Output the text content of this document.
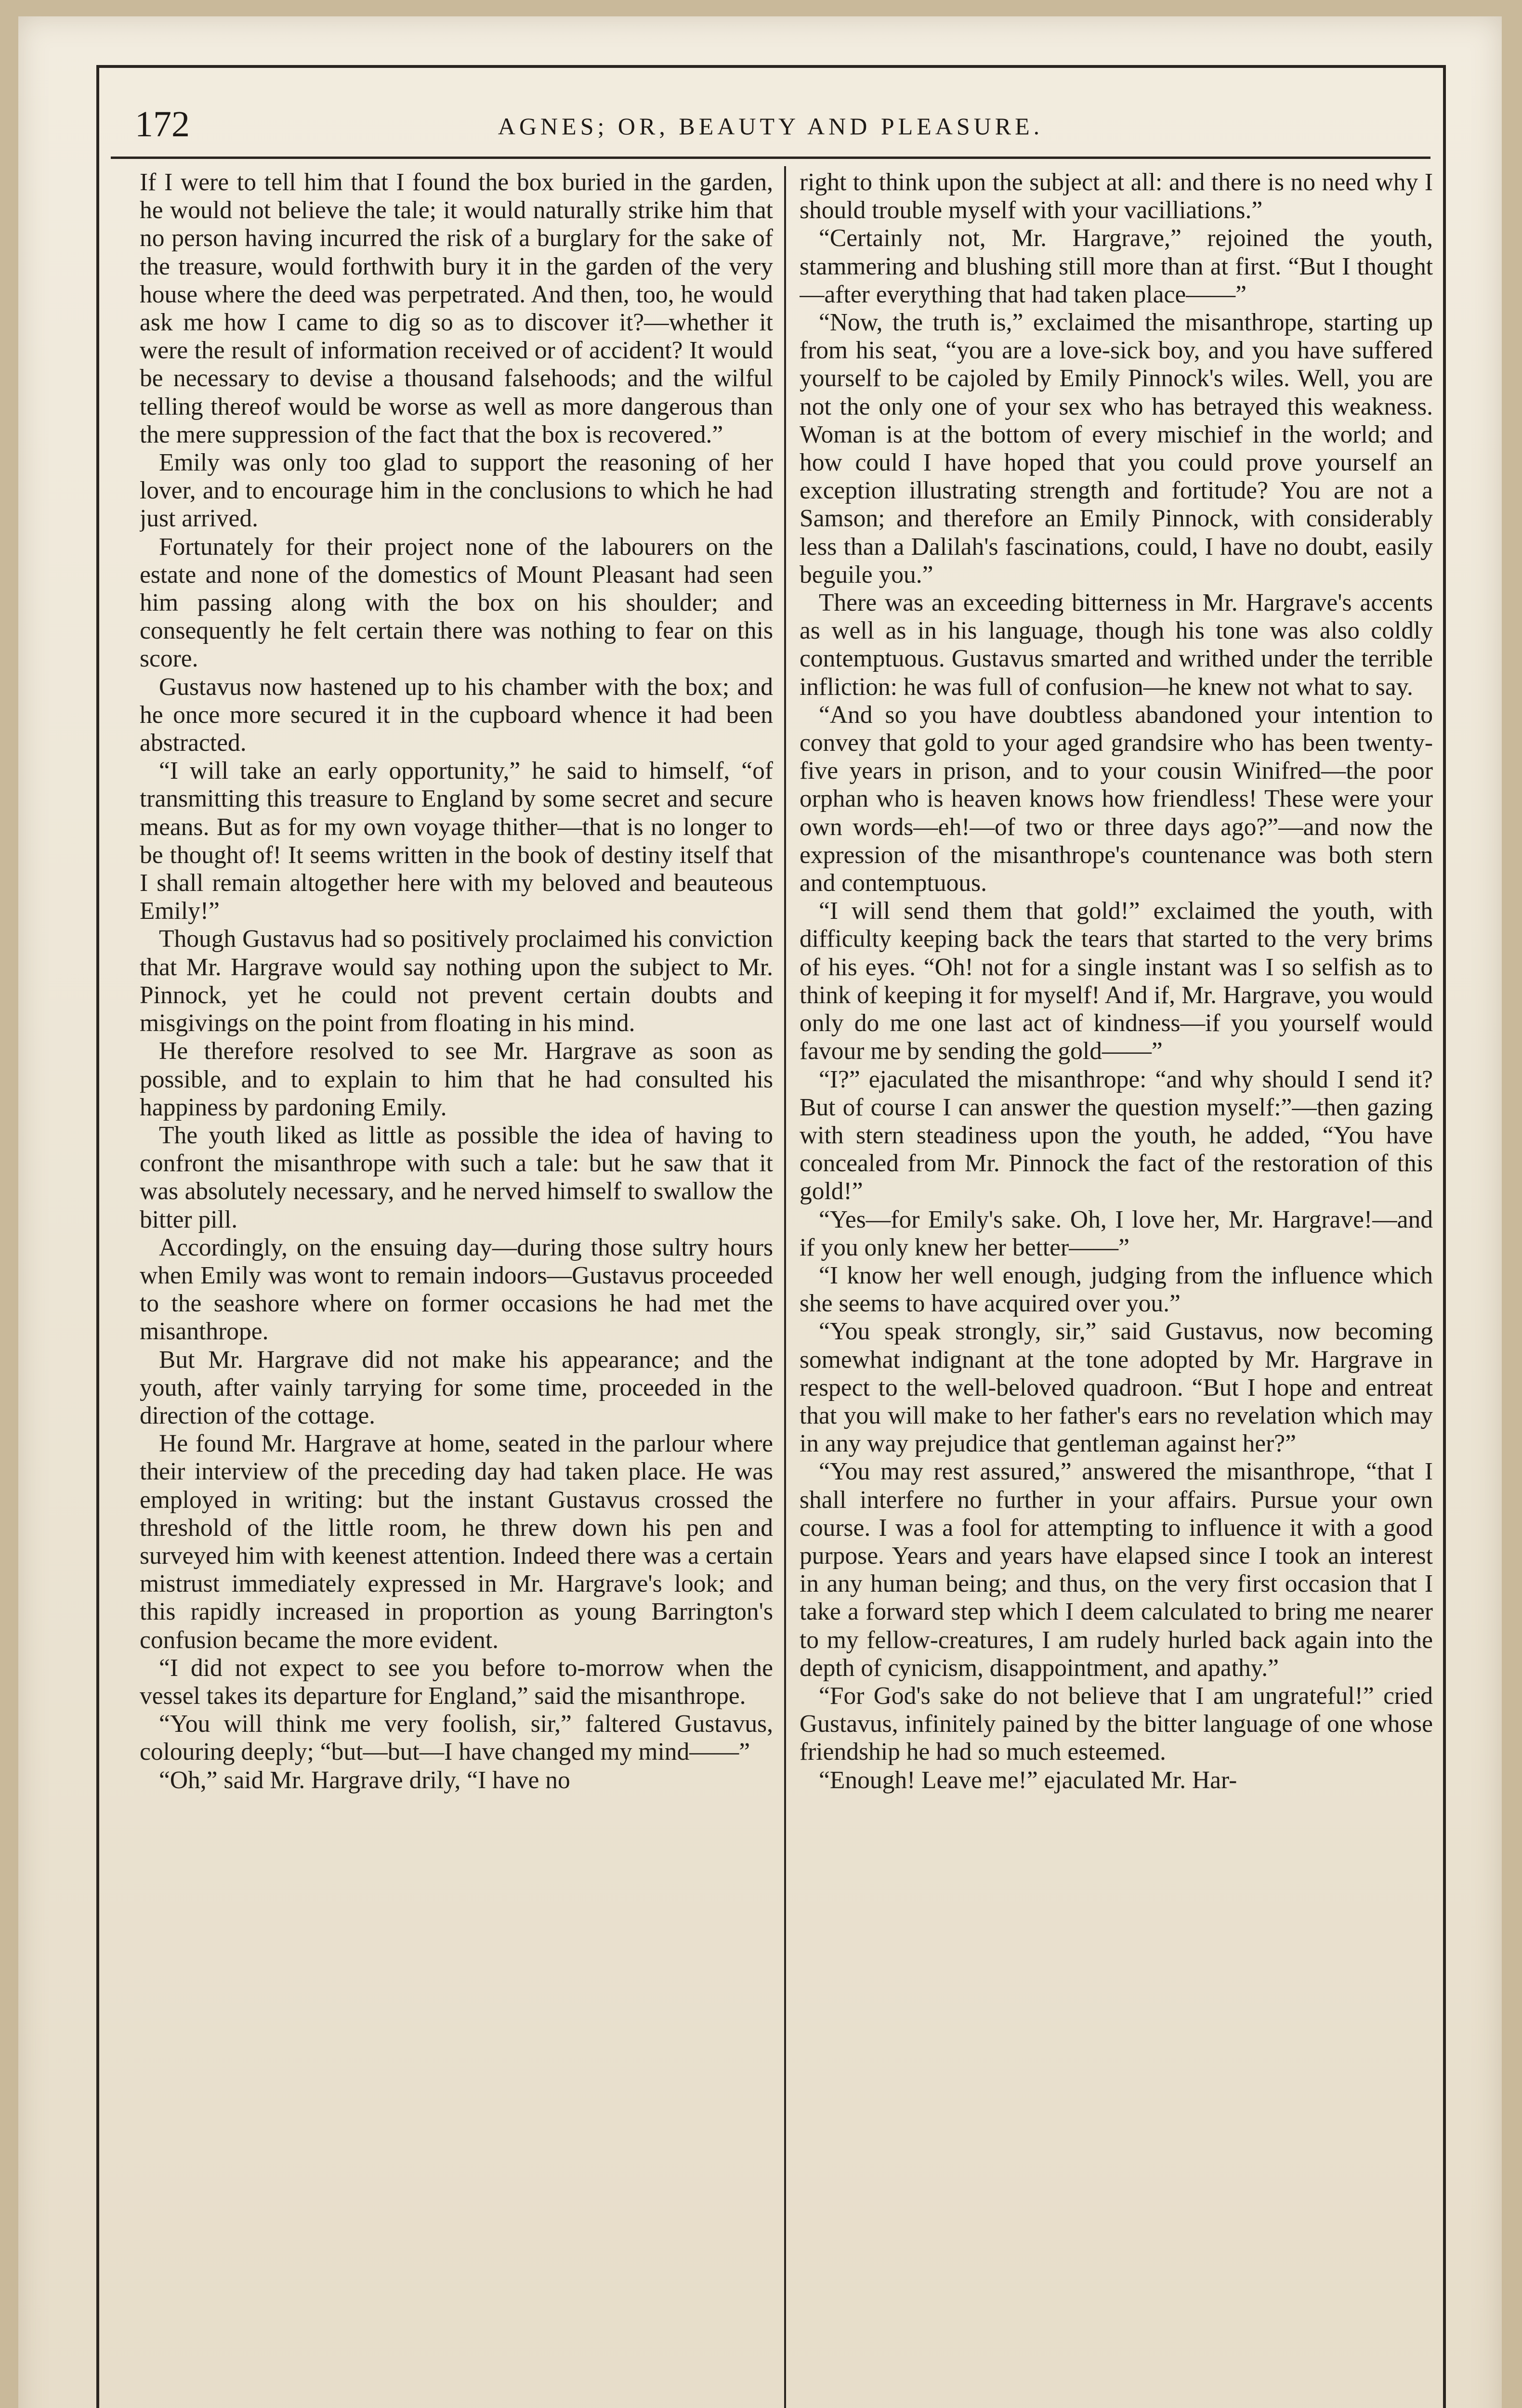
172	AGNES; OR, BEAUTY AND PLEASURE.

If I were to tell him that I found the box buried in the garden, he would not believe the tale; it would naturally strike him that no person having incurred the risk of a burglary for the sake of the treasure, would forthwith bury it in the garden of the very house where the deed was perpetrated. And then, too, he would ask me how I came to dig so as to discover it?—whether it were the result of information received or of accident? It would be necessary to devise a thousand falsehoods; and the wilful telling thereof would be worse as well as more dangerous than the mere suppression of the fact that the box is recovered.”

Emily was only too glad to support the reasoning of her lover, and to encourage him in the conclusions to which he had just arrived.

Fortunately for their project none of the labourers on the estate and none of the domestics of Mount Pleasant had seen him passing along with the box on his shoulder; and consequently he felt certain there was nothing to fear on this score.

Gustavus now hastened up to his chamber with the box; and he once more secured it in the cupboard whence it had been abstracted.

“I will take an early opportunity,” he said to himself, “of transmitting this treasure to England by some secret and secure means. But as for my own voyage thither—that is no longer to be thought of! It seems written in the book of destiny itself that I shall remain altogether here with my beloved and beauteous Emily!”

Though Gustavus had so positively proclaimed his conviction that Mr. Hargrave would say nothing upon the subject to Mr. Pinnock, yet he could not prevent certain doubts and misgivings on the point from floating in his mind.

He therefore resolved to see Mr. Hargrave as soon as possible, and to explain to him that he had consulted his happiness by pardoning Emily.

The youth liked as little as possible the idea of having to confront the misanthrope with such a tale: but he saw that it was absolutely necessary, and he nerved himself to swallow the bitter pill.

Accordingly, on the ensuing day—during those sultry hours when Emily was wont to remain indoors—Gustavus proceeded to the seashore where on former occasions he had met the misanthrope.

But Mr. Hargrave did not make his appearance; and the youth, after vainly tarrying for some time, proceeded in the direction of the cottage.

He found Mr. Hargrave at home, seated in the parlour where their interview of the preceding day had taken place. He was employed in writing: but the instant Gustavus crossed the threshold of the little room, he threw down his pen and surveyed him with keenest attention. Indeed there was a certain mistrust immediately expressed in Mr. Hargrave's look; and this rapidly increased in proportion as young Barrington's confusion became the more evident.

“I did not expect to see you before to-morrow when the vessel takes its departure for England,” said the misanthrope.

“You will think me very foolish, sir,” faltered Gustavus, colouring deeply; “but—but—I have changed my mind——”

“Oh,” said Mr. Hargrave drily, “I have no

right to think upon the subject at all: and there is no need why I should trouble myself with your vacilliations.”

“Certainly not, Mr. Hargrave,” rejoined the youth, stammering and blushing still more than at first. “But I thought—after everything that had taken place——”

“Now, the truth is,” exclaimed the misanthrope, starting up from his seat, “you are a love-sick boy, and you have suffered yourself to be cajoled by Emily Pinnock's wiles. Well, you are not the only one of your sex who has betrayed this weakness. Woman is at the bottom of every mischief in the world; and how could I have hoped that you could prove yourself an exception illustrating strength and fortitude? You are not a Samson; and therefore an Emily Pinnock, with considerably less than a Dalilah's fascinations, could, I have no doubt, easily beguile you.”

There was an exceeding bitterness in Mr. Hargrave's accents as well as in his language, though his tone was also coldly contemptuous. Gustavus smarted and writhed under the terrible infliction: he was full of confusion—he knew not what to say.

“And so you have doubtless abandoned your intention to convey that gold to your aged grandsire who has been twenty-five years in prison, and to your cousin Winifred—the poor orphan who is heaven knows how friendless! These were your own words—eh!—of two or three days ago?”—and now the expression of the misanthrope's countenance was both stern and contemptuous.

“I will send them that gold!” exclaimed the youth, with difficulty keeping back the tears that started to the very brims of his eyes. “Oh! not for a single instant was I so selfish as to think of keeping it for myself! And if, Mr. Hargrave, you would only do me one last act of kindness—if you yourself would favour me by sending the gold——”

“I?” ejaculated the misanthrope: “and why should I send it? But of course I can answer the question myself:”—then gazing with stern steadiness upon the youth, he added, “You have concealed from Mr. Pinnock the fact of the restoration of this gold!”

“Yes—for Emily's sake. Oh, I love her, Mr. Hargrave!—and if you only knew her better——”

“I know her well enough, judging from the influence which she seems to have acquired over you.”

“You speak strongly, sir,” said Gustavus, now becoming somewhat indignant at the tone adopted by Mr. Hargrave in respect to the well-beloved quadroon. “But I hope and entreat that you will make to her father's ears no revelation which may in any way prejudice that gentleman against her?”

“You may rest assured,” answered the misanthrope, “that I shall interfere no further in your affairs. Pursue your own course. I was a fool for attempting to influence it with a good purpose. Years and years have elapsed since I took an interest in any human being; and thus, on the very first occasion that I take a forward step which I deem calculated to bring me nearer to my fellow-creatures, I am rudely hurled back again into the depth of cynicism, disappointment, and apathy.”

“For God's sake do not believe that I am ungrateful!” cried Gustavus, infinitely pained by the bitter language of one whose friendship he had so much esteemed.

“Enough! Leave me!” ejaculated Mr. Har-
